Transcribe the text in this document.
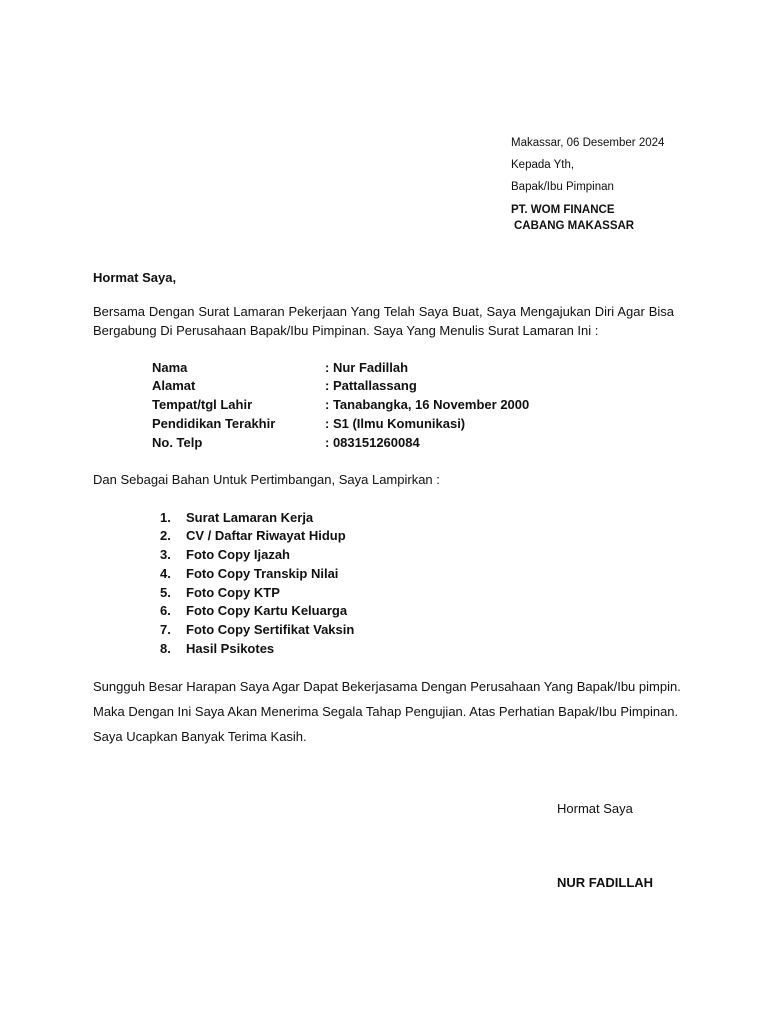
Makassar, 06 Desember 2024
Kepada Yth,
Bapak/Ibu Pimpinan
PT. WOM FINANCE
CABANG MAKASSAR
Hormat Saya,
Bersama Dengan Surat Lamaran Pekerjaan Yang Telah Saya Buat, Saya Mengajukan Diri Agar Bisa Bergabung Di Perusahaan Bapak/Ibu Pimpinan. Saya Yang Menulis Surat Lamaran Ini :
Nama	: Nur Fadillah
Alamat	: Pattallassang
Tempat/tgl Lahir	: Tanabangka, 16 November 2000
Pendidikan Terakhir	: S1 (Ilmu Komunikasi)
No. Telp	: 083151260084
Dan Sebagai Bahan Untuk Pertimbangan, Saya Lampirkan :
1. Surat Lamaran Kerja
2. CV / Daftar Riwayat Hidup
3. Foto Copy Ijazah
4. Foto Copy Transkip Nilai
5. Foto Copy KTP
6. Foto Copy Kartu Keluarga
7. Foto Copy Sertifikat Vaksin
8. Hasil Psikotes
Sungguh Besar Harapan Saya Agar Dapat Bekerjasama Dengan Perusahaan Yang Bapak/Ibu pimpin.
Maka Dengan Ini Saya Akan Menerima Segala Tahap Pengujian. Atas Perhatian Bapak/Ibu Pimpinan.
Saya Ucapkan Banyak Terima Kasih.
Hormat Saya
NUR FADILLAH
